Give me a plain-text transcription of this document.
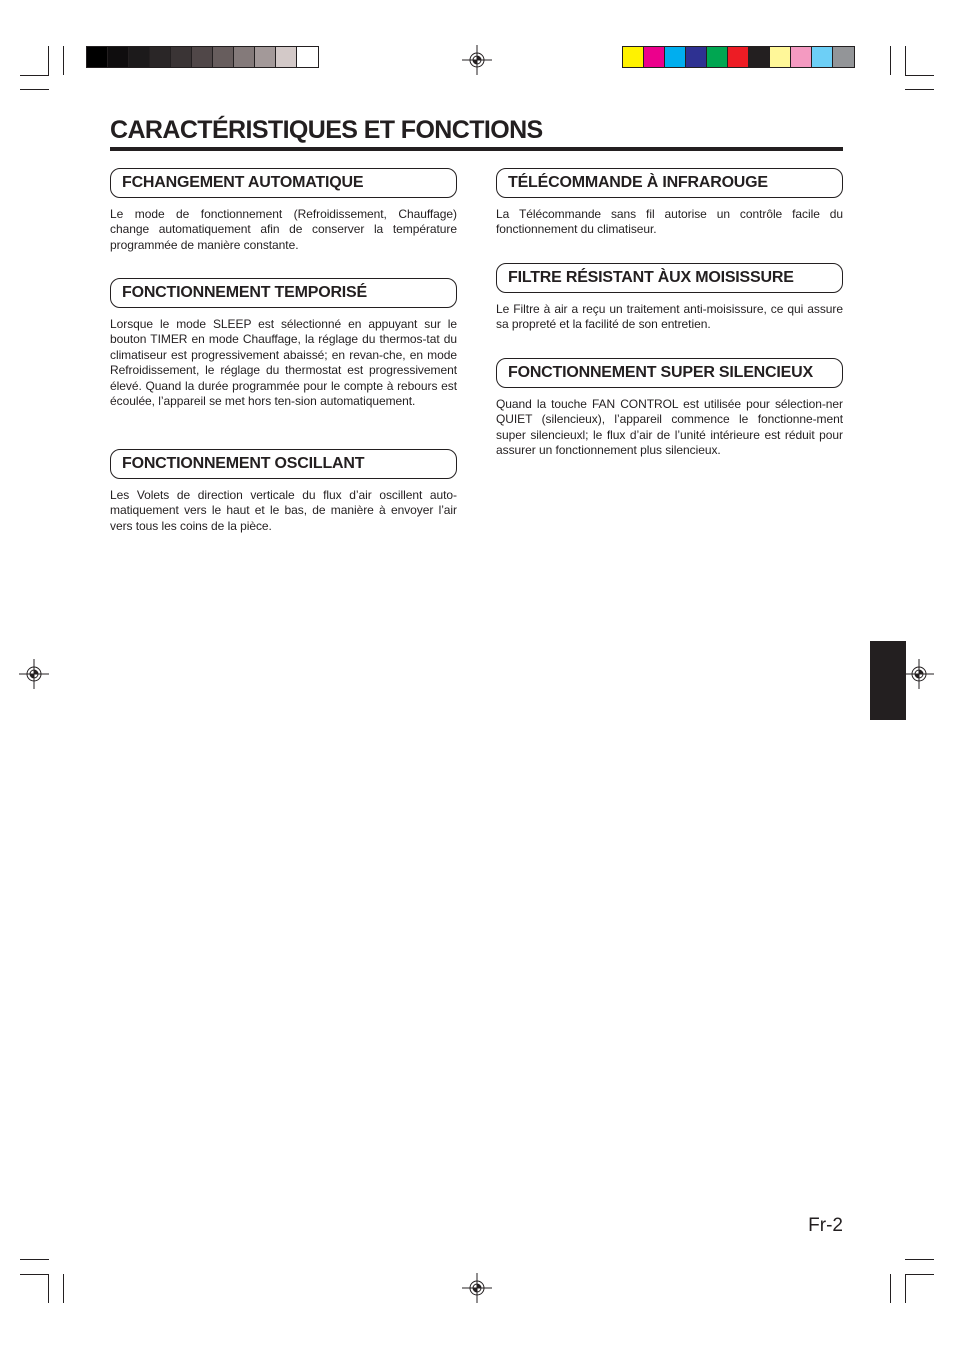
CARACTÉRISTIQUES ET FONCTIONS
FCHANGEMENT AUTOMATIQUE

Le mode de fonctionnement (Refroidissement, Chauffage) change automatiquement afin de conserver la température programmée de manière constante.

FONCTIONNEMENT TEMPORISÉ

Lorsque le mode SLEEP est sélectionné en appuyant sur le bouton TIMER en mode Chauffage, la réglage du thermos-tat du climatiseur est progressivement abaissé; en revan-che, en mode Refroidissement, le réglage du thermostat est progressivement élevé. Quand la durée programmée pour le compte à rebours est écoulée, l’appareil se met hors ten-sion automatiquement.

FONCTIONNEMENT OSCILLANT

Les Volets de direction verticale du flux d’air oscillent auto-matiquement vers le haut et le bas, de manière à envoyer l’air vers tous les coins de la pièce.

TÉLÉCOMMANDE À INFRAROUGE

La Télécommande sans fil autorise un contrôle facile du fonctionnement du climatiseur.

FILTRE RÉSISTANT ÀUX MOISISSURE

Le Filtre à air a reçu un traitement anti-moisissure, ce qui assure sa propreté et la facilité de son entretien.

FONCTIONNEMENT SUPER SILENCIEUX

Quand la touche FAN CONTROL est utilisée pour sélection-ner QUIET (silencieux), l’appareil commence le fonctionne-ment super silencieuxl; le flux d’air de l’unité intérieure est réduit pour assurer un fonctionnement plus silencieux.

Fr-2
